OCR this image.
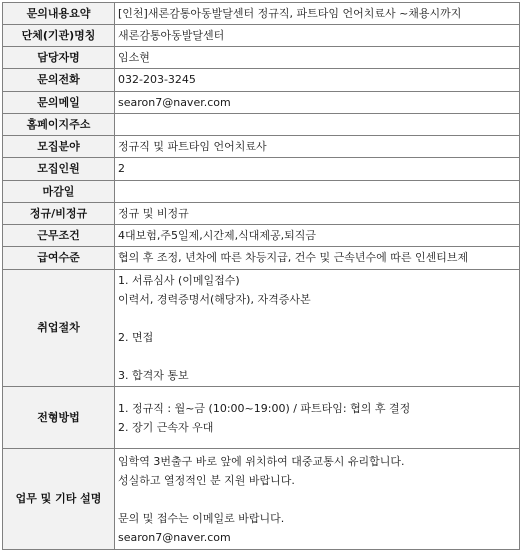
문의내용요약	[인천]새론감통아동발달센터 정규직, 파트타임 언어치료사 ~채용시까지
단체(기관)명칭	새론감통아동발달센터
담당자명	임소현
문의전화	032-203-3245
문의메일	searon7@naver.com
홈페이지주소	
모집분야	정규직 및 파트타임 언어치료사
모집인원	2
마감일	
정규/비정규	정규 및 비정규
근무조건	4대보험,주5일제,시간제,식대제공,퇴직금
급여수준	협의 후 조정, 년차에 따른 차등지급, 건수 및 근속년수에 따른 인센티브제
취업절차	1. 서류심사 (이메일접수)
이력서, 경력증명서(해당자), 자격증사본
2. 면접
3. 합격자 통보

전형방법	1. 정규직 : 월~금 (10:00~19:00) / 파트타임: 협의 후 결정
2. 장기 근속자 우대

업무 및 기타 설명	임학역 3번출구 바로 앞에 위치하여 대중교통시 유리합니다.
성실하고 열정적인 분 지원 바랍니다.
문의 및 접수는 이메일로 바랍니다.
searon7@naver.com
